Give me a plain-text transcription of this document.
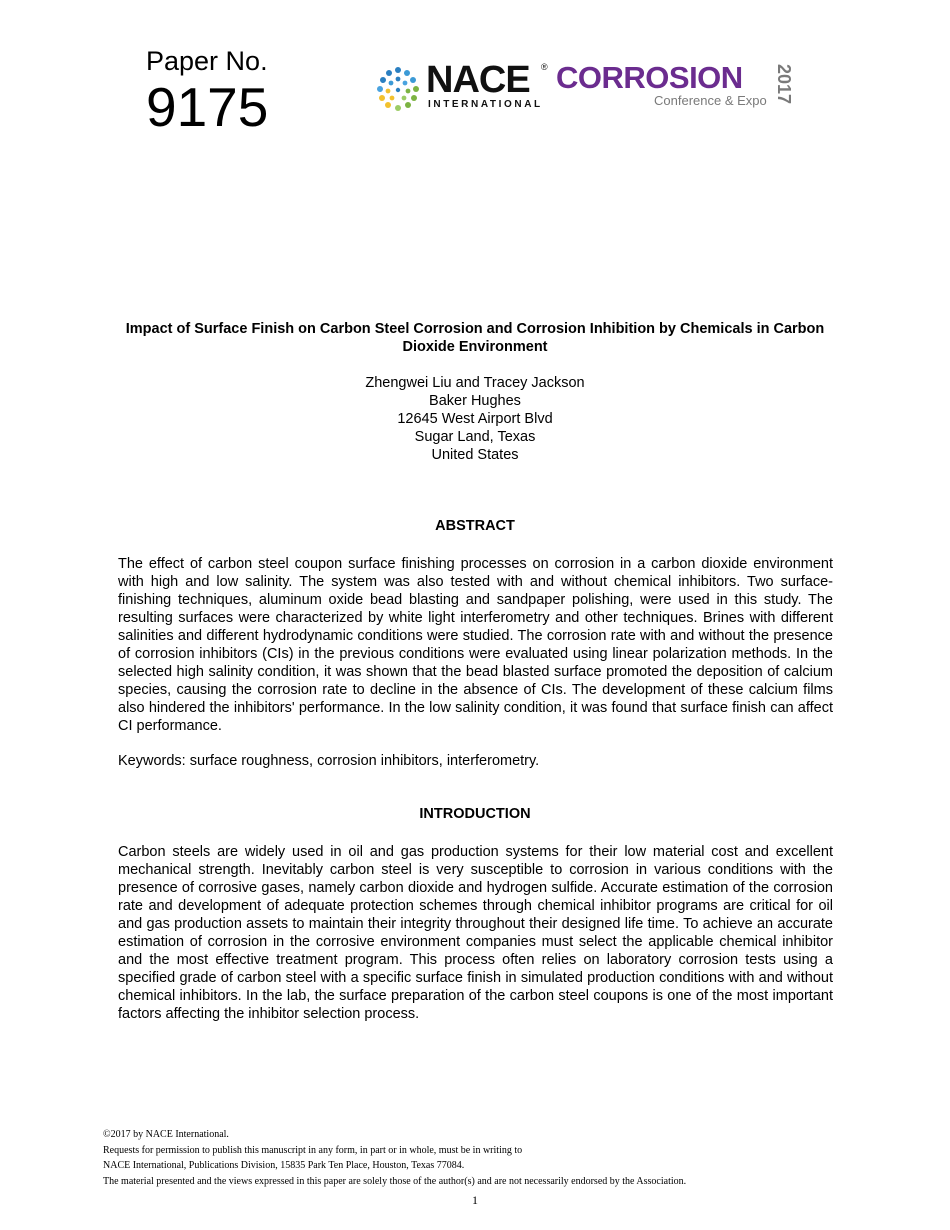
Paper No.
9175	NACE ®
INTERNATIONAL
CORROSION
Conference & Expo 2017
Impact of Surface Finish on Carbon Steel Corrosion and Corrosion Inhibition by Chemicals in Carbon Dioxide Environment
Zhengwei Liu and Tracey Jackson
Baker Hughes
12645 West Airport Blvd
Sugar Land, Texas
United States
ABSTRACT
The effect of carbon steel coupon surface finishing processes on corrosion in a carbon dioxide environment with high and low salinity. The system was also tested with and without chemical inhibitors. Two surface-finishing techniques, aluminum oxide bead blasting and sandpaper polishing, were used in this study. The resulting surfaces were characterized by white light interferometry and other techniques. Brines with different salinities and different hydrodynamic conditions were studied. The corrosion rate with and without the presence of corrosion inhibitors (CIs) in the previous conditions were evaluated using linear polarization methods. In the selected high salinity condition, it was shown that the bead blasted surface promoted the deposition of calcium species, causing the corrosion rate to decline in the absence of CIs. The development of these calcium films also hindered the inhibitors' performance. In the low salinity condition, it was found that surface finish can affect CI performance.
Keywords: surface roughness, corrosion inhibitors, interferometry.
INTRODUCTION
Carbon steels are widely used in oil and gas production systems for their low material cost and excellent mechanical strength. Inevitably carbon steel is very susceptible to corrosion in various conditions with the presence of corrosive gases, namely carbon dioxide and hydrogen sulfide. Accurate estimation of the corrosion rate and development of adequate protection schemes through chemical inhibitor programs are critical for oil and gas production assets to maintain their integrity throughout their designed life time. To achieve an accurate estimation of corrosion in the corrosive environment companies must select the applicable chemical inhibitor and the most effective treatment program. This process often relies on laboratory corrosion tests using a specified grade of carbon steel with a specific surface finish in simulated production conditions with and without chemical inhibitors. In the lab, the surface preparation of the carbon steel coupons is one of the most important factors affecting the inhibitor selection process.
©2017 by NACE International.
Requests for permission to publish this manuscript in any form, in part or in whole, must be in writing to
NACE International, Publications Division, 15835 Park Ten Place, Houston, Texas 77084.
The material presented and the views expressed in this paper are solely those of the author(s) and are not necessarily endorsed by the Association.
1
